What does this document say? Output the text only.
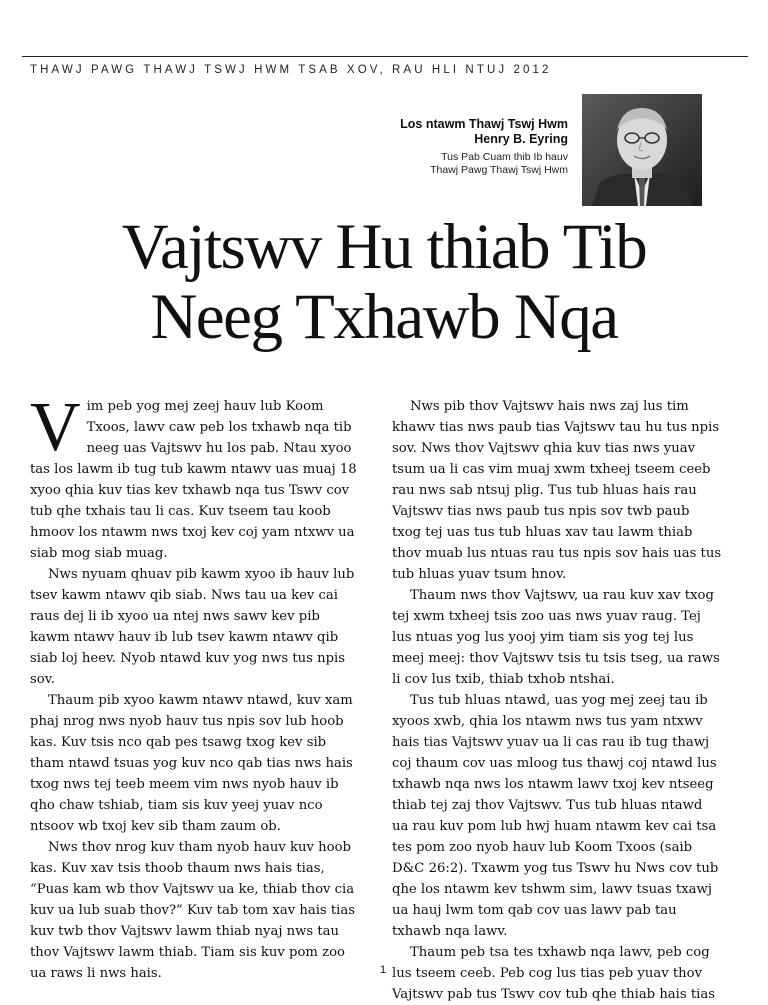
THAWJ PAWG THAWJ TSWJ HWM TSAB XOV, RAU HLI NTUJ 2012
Los ntawm Thawj Tswj Hwm
Henry B. Eyring
Tus Pab Cuam thib Ib hauv
Thawj Pawg Thawj Tswj Hwm
Vajtswv Hu thiab Tib
Neeg Txhawb Nqa

Vim peb yog mej zeej hauv lub Koom Txoos, lawv caw peb los txhawb nqa tib neeg uas Vajtswv hu los pab. Ntau xyoo tas los lawm ib tug tub kawm ntawv uas muaj 18 xyoo qhia kuv tias kev txhawb nqa tus Tswv cov tub qhe txhais tau li cas. Kuv tseem tau koob hmoov los ntawm nws txoj kev coj yam ntxwv ua siab mog siab muag.

Nws nyuam qhuav pib kawm xyoo ib hauv lub tsev kawm ntawv qib siab. Nws tau ua kev cai raus dej li ib xyoo ua ntej nws sawv kev pib kawm ntawv hauv ib lub tsev kawm ntawv qib siab loj heev. Nyob ntawd kuv yog nws tus npis sov.

Thaum pib xyoo kawm ntawv ntawd, kuv xam phaj nrog nws nyob hauv tus npis sov lub hoob kas. Kuv tsis nco qab pes tsawg txog kev sib tham ntawd tsuas yog kuv nco qab tias nws hais txog nws tej teeb meem vim nws nyob hauv ib qho chaw tshiab, tiam sis kuv yeej yuav nco ntsoov wb txoj kev sib tham zaum ob.

Nws thov nrog kuv tham nyob hauv kuv hoob kas. Kuv xav tsis thoob thaum nws hais tias, “Puas kam wb thov Vajtswv ua ke, thiab thov cia kuv ua lub suab thov?” Kuv tab tom xav hais tias kuv twb thov Vajtswv lawm thiab nyaj nws tau thov Vajtswv lawm thiab. Tiam sis kuv pom zoo ua raws li nws hais.

Nws pib thov Vajtswv hais nws zaj lus tim khawv tias nws paub tias Vajtswv tau hu tus npis sov. Nws thov Vajtswv qhia kuv tias nws yuav tsum ua li cas vim muaj xwm txheej tseem ceeb rau nws sab ntsuj plig. Tus tub hluas hais rau Vajtswv tias nws paub tus npis sov twb paub txog tej uas tus tub hluas xav tau lawm thiab thov muab lus ntuas rau tus npis sov hais uas tus tub hluas yuav tsum hnov.

Thaum nws thov Vajtswv, ua rau kuv xav txog tej xwm txheej tsis zoo uas nws yuav raug. Tej lus ntuas yog lus yooj yim tiam sis yog tej lus meej meej: thov Vajtswv tsis tu tsis tseg, ua raws li cov lus txib, thiab txhob ntshai.

Tus tub hluas ntawd, uas yog mej zeej tau ib xyoos xwb, qhia los ntawm nws tus yam ntxwv hais tias Vajtswv yuav ua li cas rau ib tug thawj coj thaum cov uas mloog tus thawj coj ntawd lus txhawb nqa nws los ntawm lawv txoj kev ntseeg thiab tej zaj thov Vajtswv. Tus tub hluas ntawd ua rau kuv pom lub hwj huam ntawm kev cai tsa tes pom zoo nyob hauv lub Koom Txoos (saib D&C 26:2). Txawm yog tus Tswv hu Nws cov tub qhe los ntawm kev tshwm sim, lawv tsuas txawj ua hauj lwm tom qab cov uas lawv pab tau txhawb nqa lawv.

Thaum peb tsa tes txhawb nqa lawv, peb cog lus tseem ceeb. Peb cog lus tias peb yuav thov Vajtswv pab tus Tswv cov tub qhe thiab hais tias

1
